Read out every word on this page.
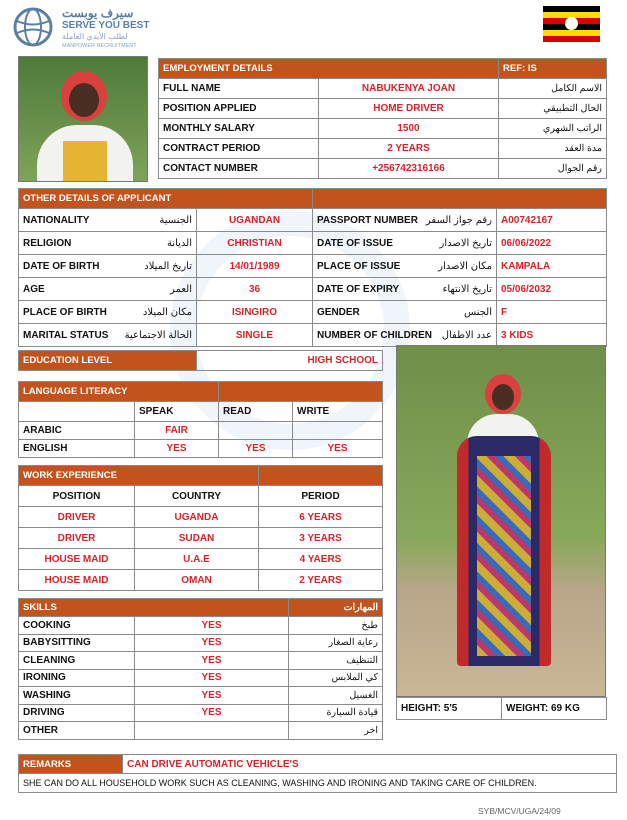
سيرف يوبست
SERVE YOU BEST
لطلب الأيدي العاملة
MANPOWER RECRUITMENT
EMPLOYMENT DETAILS		REF: IS
FULL NAME	NABUKENYA JOAN	الاسم الكامل
POSITION APPLIED	HOME DRIVER	الحال التطبيقي
MONTHLY SALARY	1500	الراتب الشهري
CONTRACT PERIOD	2 YEARS	مدة العقد
CONTACT NUMBER	+256742316166	رقم الجوال
OTHER DETAILS OF APPLICANT			
NATIONALITY الجنسية	UGANDAN	PASSPORT NUMBER رقم جواز السفر	A00742167
RELIGION الديانة	CHRISTIAN	DATE OF ISSUE تاريخ الاصدار	06/06/2022
DATE OF BIRTH تاريخ الميلاد	14/01/1989	PLACE OF ISSUE مكان الاصدار	KAMPALA
AGE العمر	36	DATE OF EXPIRY تاريخ الانتهاء	05/06/2032
PLACE OF BIRTH مكان الميلاد	ISINGIRO	GENDER الجنس	F
MARITAL STATUS الحالة الاجتماعية	SINGLE	NUMBER OF CHILDREN عدد الاطفال	3 KIDS
EDUCATION LEVEL	HIGH SCHOOL
LANGUAGE LITERACY			
	SPEAK	READ	WRITE
ARABIC	FAIR		
ENGLISH	YES	YES	YES
WORK EXPERIENCE		
POSITION	COUNTRY	PERIOD
DRIVER	UGANDA	6 YEARS
DRIVER	SUDAN	3 YEARS
HOUSE MAID	U.A.E	4 YAERS
HOUSE MAID	OMAN	2 YEARS
SKILLS		المهارات
COOKING	YES	طبخ
BABYSITTING	YES	رعاية الصغار
CLEANING	YES	التنظيف
IRONING	YES	كي الملابس
WASHING	YES	الغسيل
DRIVING	YES	قيادة السيارة
OTHER		اخر
HEIGHT: 5'5	WEIGHT: 69 KG
REMARKS	CAN DRIVE AUTOMATIC VEHICLE'S
SHE CAN DO ALL HOUSEHOLD WORK SUCH AS CLEANING, WASHING AND IRONING AND TAKING CARE OF CHILDREN.
SYB/MCV/UGA/24/09
